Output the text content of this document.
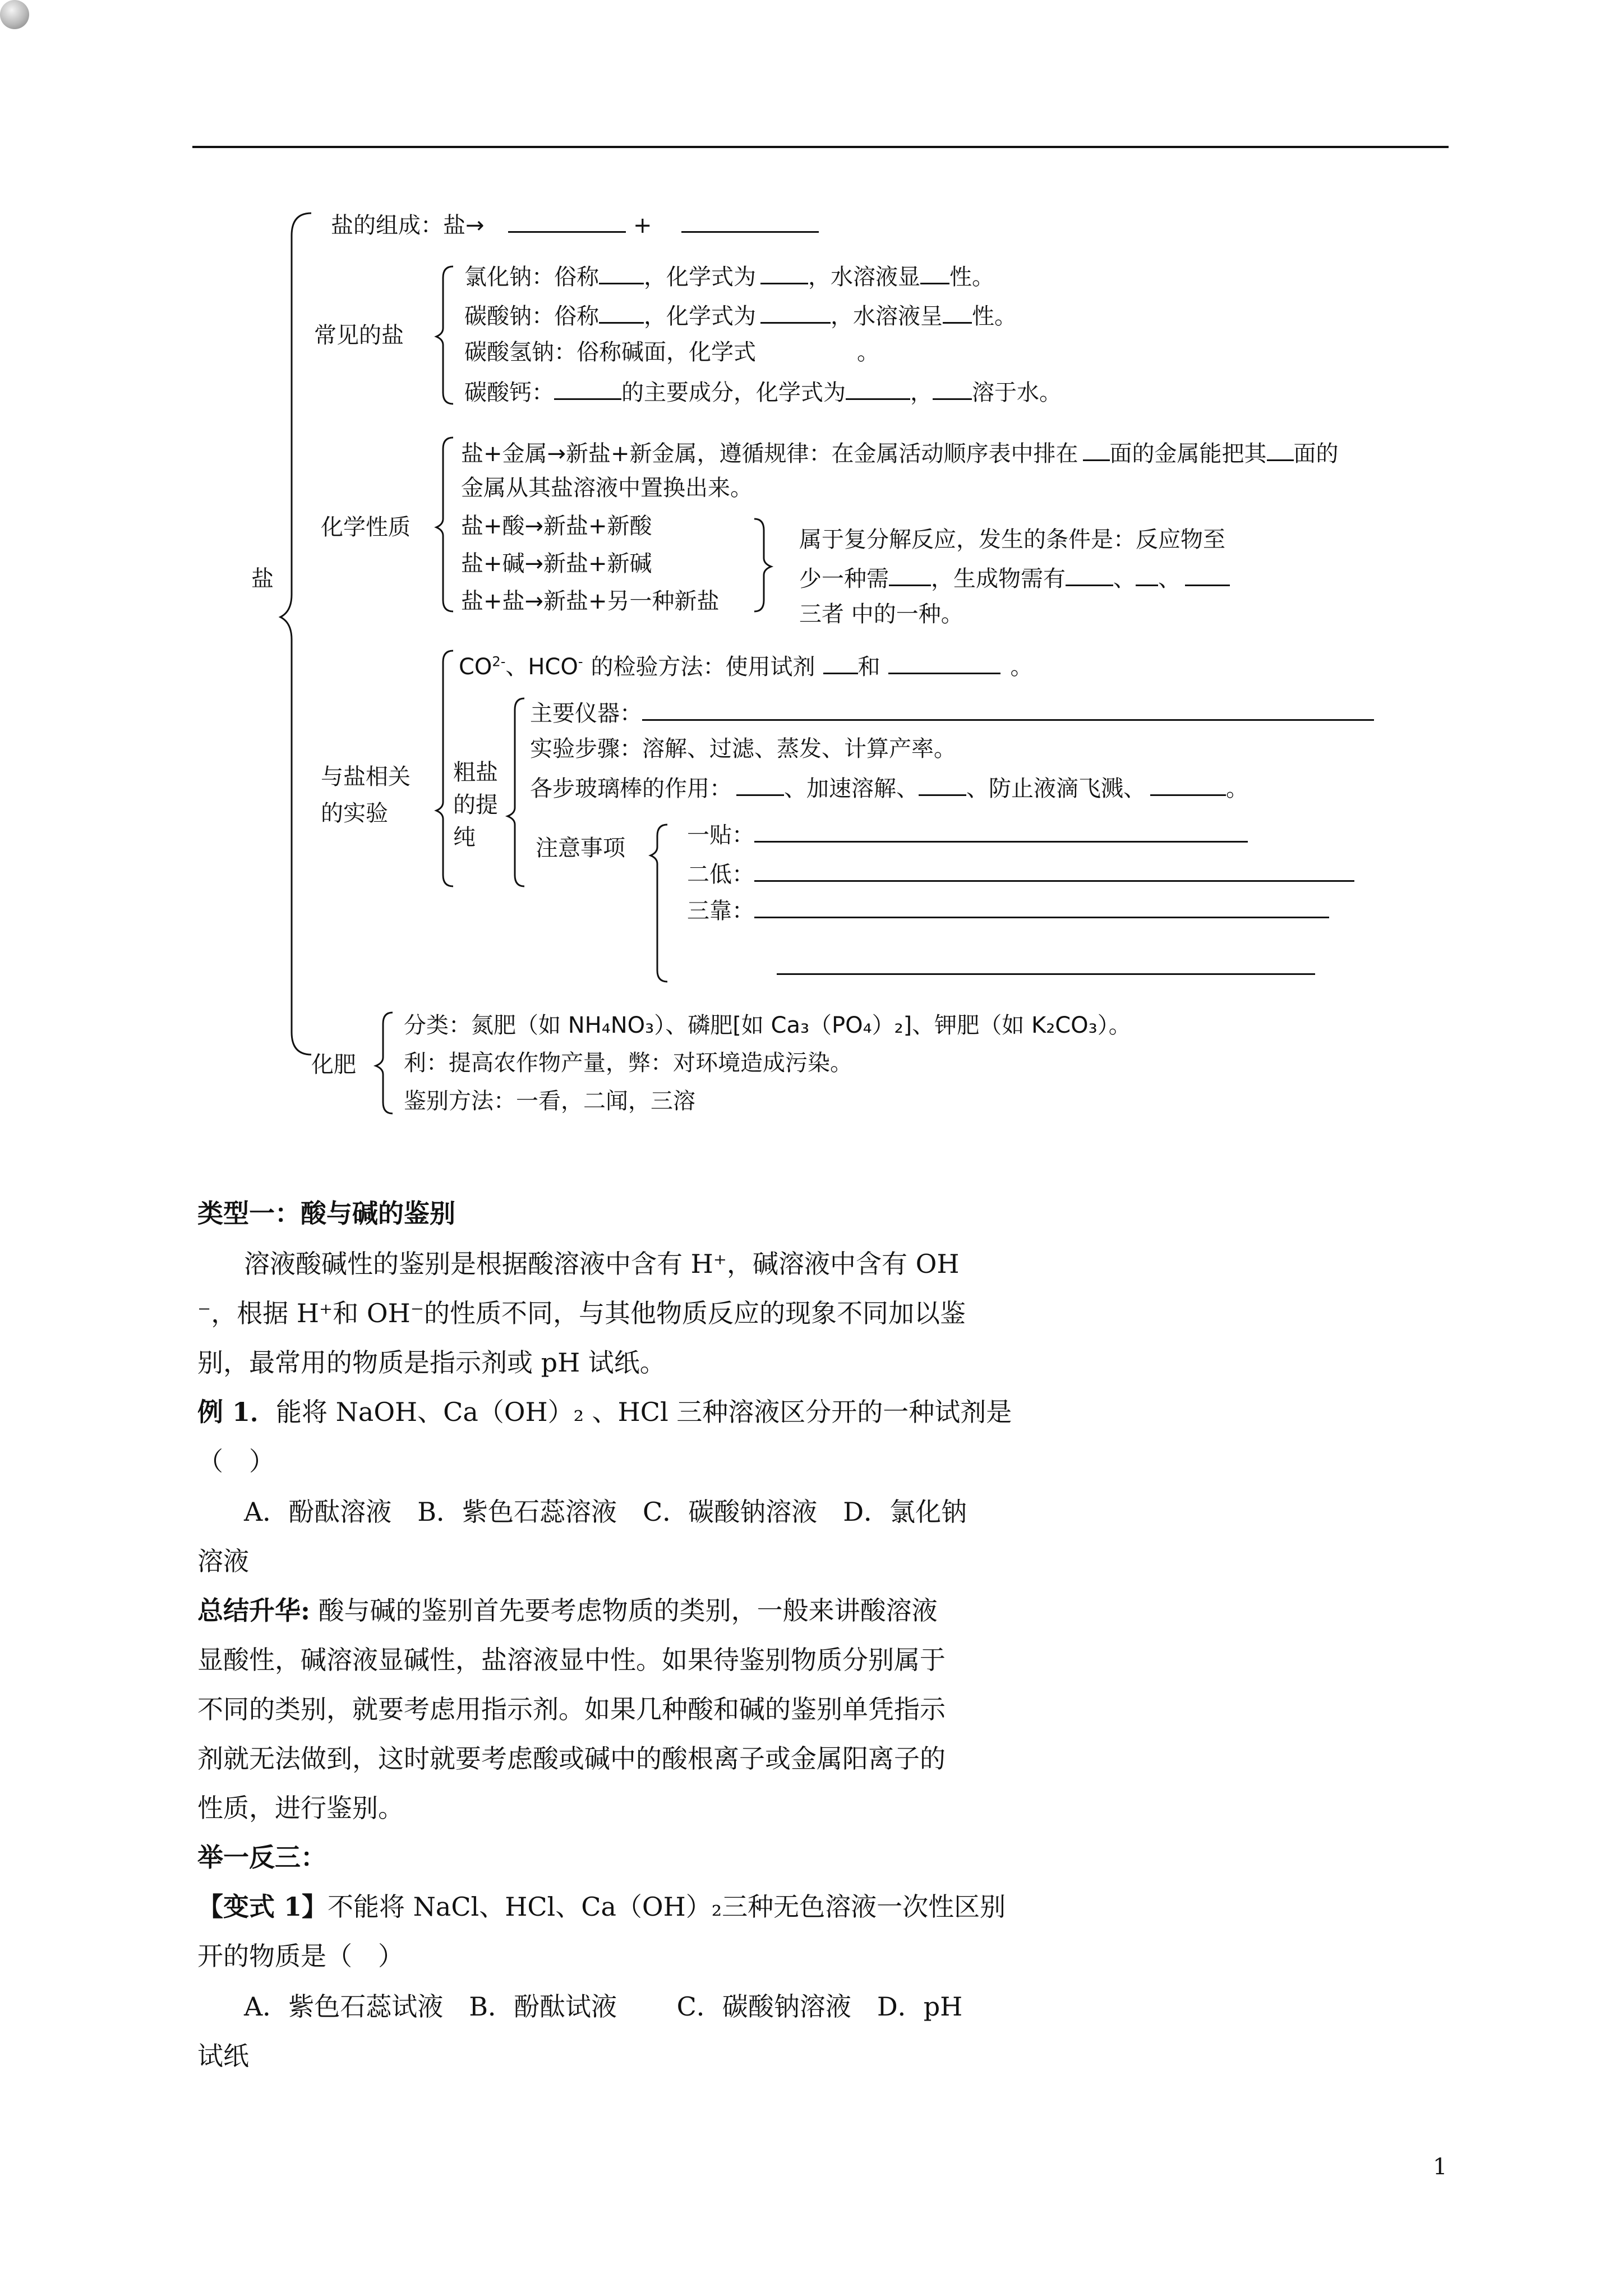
盐
盐的组成：盐→	+
常见的盐
氯化钠：俗称 ，化学式为 ，水溶液显 性。
碳酸钠：俗称 ，化学式为	，水溶液呈 性。
碳酸氢钠：俗称碱面，化学式	。
碳酸钙：	的主要成分，化学式为	， 溶于水。
化学性质
盐+金属→新盐+新金属，遵循规律：在金属活动顺序表中排在 面的金属能把其 面的
金属从其盐溶液中置换出来。
盐+酸→新盐+新酸
盐+碱→新盐+新碱
盐+盐→新盐+另一种新盐
属于复分解反应，发生的条件是：反应物至
少一种需 ，生成物需有 、 、
三者 中的一种。
与盐相关
的实验
$CO^{2-}$、HCO- 的检验方法：使用试剂 和	。
粗盐
的提
纯
主要仪器：
实验步骤：溶解、过滤、蒸发、计算产率。
各步玻璃棒的作用： 、加速溶解、 、防止液滴飞溅、	。
注意事项	一贴：
二低：
三靠：
化肥
分类：氮肥（如 NH₄NO₃）、磷肥[如 Ca₃（PO₄）₂]、钾肥（如 K₂CO₃）。
利：提高农作物产量，弊：对环境造成污染。
鉴别方法：一看，二闻，三溶
类型一：酸与碱的鉴别
溶液酸碱性的鉴别是根据酸溶液中含有 H⁺，碱溶液中含有 OH
⁻，根据 H⁺和 OH⁻的性质不同，与其他物质反应的现象不同加以鉴
别，最常用的物质是指示剂或 pH 试纸。
例 1．能将 NaOH、Ca（OH）₂ 、HCl 三种溶液区分开的一种试剂是
（　）
A．酚酞溶液　B．紫色石蕊溶液　C．碳酸钠溶液　D．氯化钠
溶液
总结升华: 酸与碱的鉴别首先要考虑物质的类别，一般来讲酸溶液
显酸性，碱溶液显碱性，盐溶液显中性。如果待鉴别物质分别属于
不同的类别，就要考虑用指示剂。如果几种酸和碱的鉴别单凭指示
剂就无法做到，这时就要考虑酸或碱中的酸根离子或金属阳离子的
性质，进行鉴别。
举一反三：
【变式 1】不能将 NaCl、HCl、Ca（OH）₂三种无色溶液一次性区别
开的物质是（　）
A．紫色石蕊试液　B．酚酞试液　　 C．碳酸钠溶液　D．pH
试纸
1
